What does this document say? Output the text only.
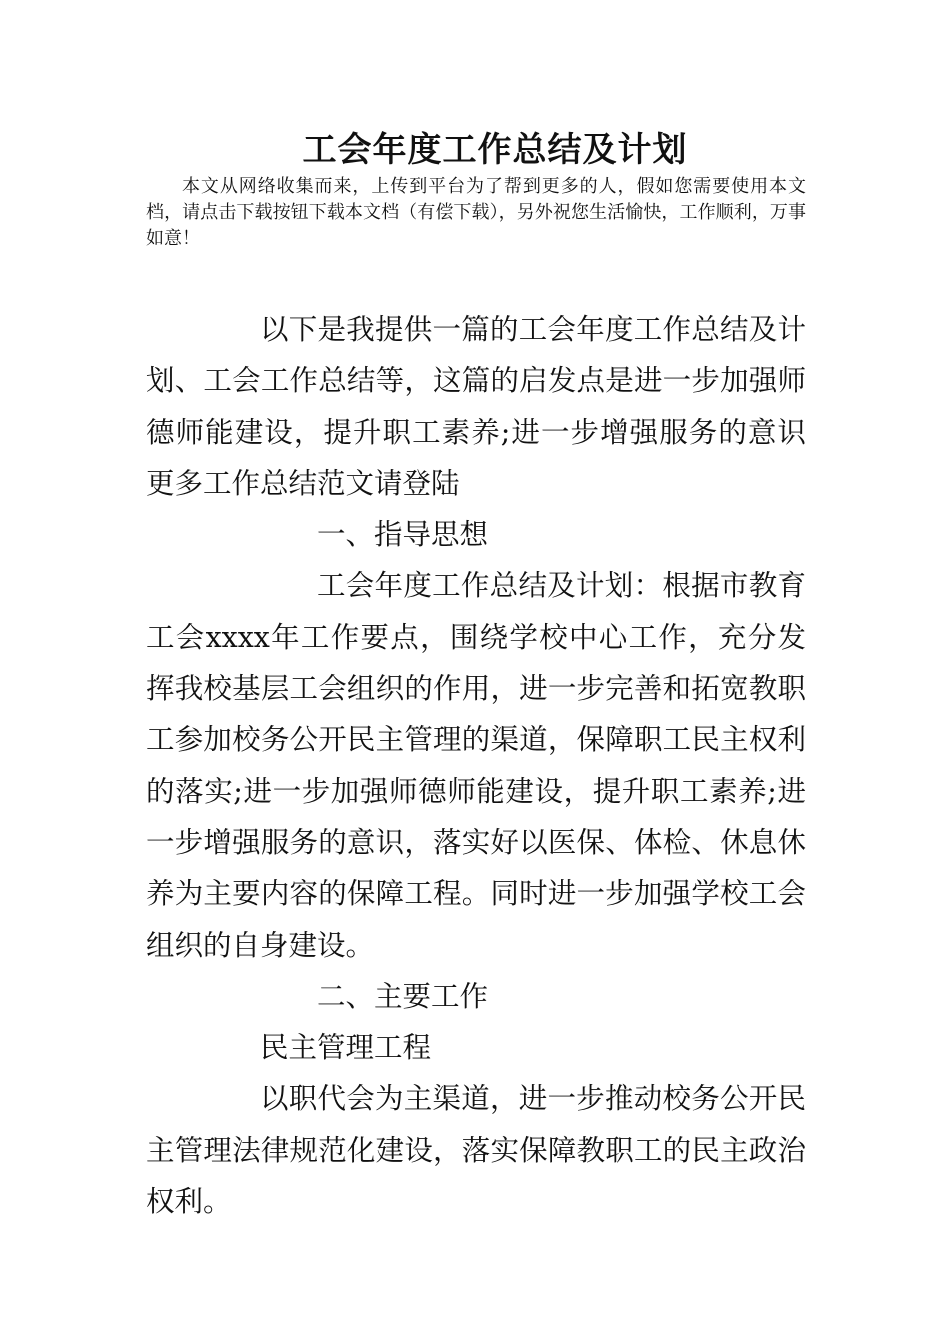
工会年度工作总结及计划

本文从网络收集而来，上传到平台为了帮到更多的人，假如您需要使用本文档，请点击下载按钮下载本文档（有偿下载），另外祝您生活愉快，工作顺利，万事如意！

以下是我提供一篇的工会年度工作总结及计划、工会工作总结等，这篇的启发点是进一步加强师德师能建设，提升职工素养;进一步增强服务的意识更多工作总结范文请登陆

一、指导思想

工会年度工作总结及计划：根据市教育工会xxxx年工作要点，围绕学校中心工作，充分发挥我校基层工会组织的作用，进一步完善和拓宽教职工参加校务公开民主管理的渠道，保障职工民主权利的落实;进一步加强师德师能建设，提升职工素养;进一步增强服务的意识，落实好以医保、体检、休息休养为主要内容的保障工程。同时进一步加强学校工会组织的自身建设。

二、主要工作

民主管理工程

以职代会为主渠道，进一步推动校务公开民主管理法律规范化建设，落实保障教职工的民主政治权利。
